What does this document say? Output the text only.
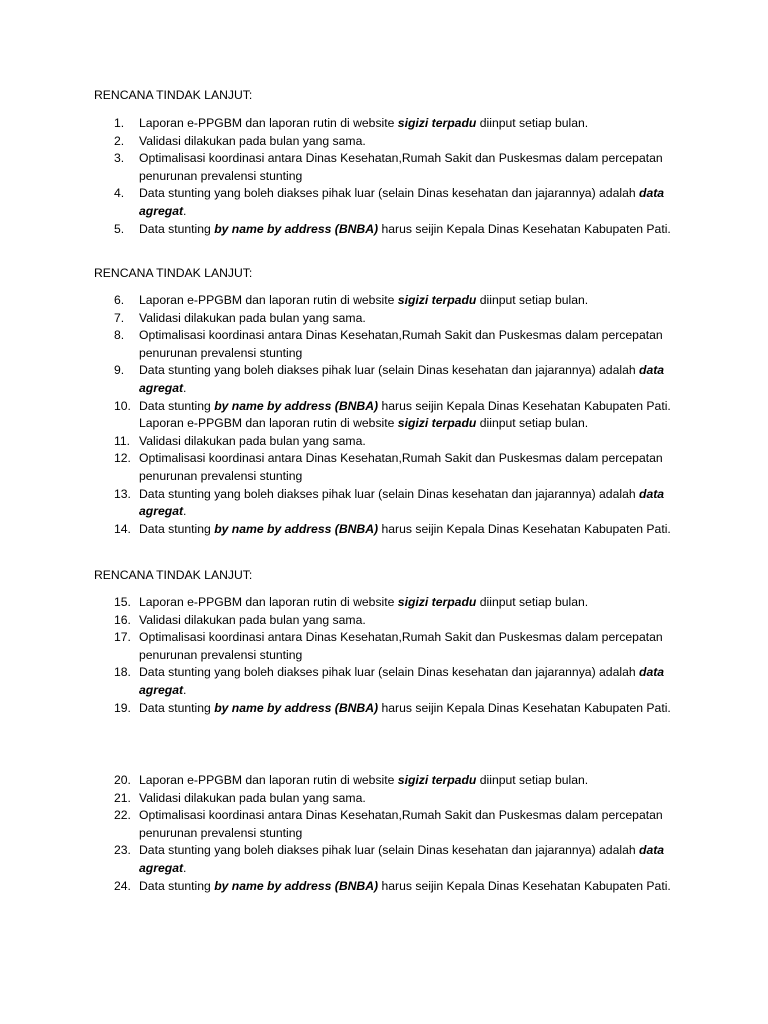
RENCANA TINDAK LANJUT:
1. Laporan e-PPGBM dan laporan rutin di website sigizi terpadu diinput setiap bulan.
2. Validasi dilakukan pada bulan yang sama.
3. Optimalisasi koordinasi antara Dinas Kesehatan,Rumah Sakit dan Puskesmas dalam percepatan penurunan prevalensi stunting
4. Data stunting yang boleh diakses pihak luar (selain Dinas kesehatan dan jajarannya) adalah data agregat.
5. Data stunting by name by address (BNBA) harus seijin Kepala Dinas Kesehatan Kabupaten Pati.
RENCANA TINDAK LANJUT:
6. Laporan e-PPGBM dan laporan rutin di website sigizi terpadu diinput setiap bulan.
7. Validasi dilakukan pada bulan yang sama.
8. Optimalisasi koordinasi antara Dinas Kesehatan,Rumah Sakit dan Puskesmas dalam percepatan penurunan prevalensi stunting
9. Data stunting yang boleh diakses pihak luar (selain Dinas kesehatan dan jajarannya) adalah data agregat.
10. Data stunting by name by address (BNBA) harus seijin Kepala Dinas Kesehatan Kabupaten Pati. Laporan e-PPGBM dan laporan rutin di website sigizi terpadu diinput setiap bulan.
11. Validasi dilakukan pada bulan yang sama.
12. Optimalisasi koordinasi antara Dinas Kesehatan,Rumah Sakit dan Puskesmas dalam percepatan penurunan prevalensi stunting
13. Data stunting yang boleh diakses pihak luar (selain Dinas kesehatan dan jajarannya) adalah data agregat.
14. Data stunting by name by address (BNBA) harus seijin Kepala Dinas Kesehatan Kabupaten Pati.
RENCANA TINDAK LANJUT:
15. Laporan e-PPGBM dan laporan rutin di website sigizi terpadu diinput setiap bulan.
16. Validasi dilakukan pada bulan yang sama.
17. Optimalisasi koordinasi antara Dinas Kesehatan,Rumah Sakit dan Puskesmas dalam percepatan penurunan prevalensi stunting
18. Data stunting yang boleh diakses pihak luar (selain Dinas kesehatan dan jajarannya) adalah data agregat.
19. Data stunting by name by address (BNBA) harus seijin Kepala Dinas Kesehatan Kabupaten Pati.
20. Laporan e-PPGBM dan laporan rutin di website sigizi terpadu diinput setiap bulan.
21. Validasi dilakukan pada bulan yang sama.
22. Optimalisasi koordinasi antara Dinas Kesehatan,Rumah Sakit dan Puskesmas dalam percepatan penurunan prevalensi stunting
23. Data stunting yang boleh diakses pihak luar (selain Dinas kesehatan dan jajarannya) adalah data agregat.
24. Data stunting by name by address (BNBA) harus seijin Kepala Dinas Kesehatan Kabupaten Pati.
